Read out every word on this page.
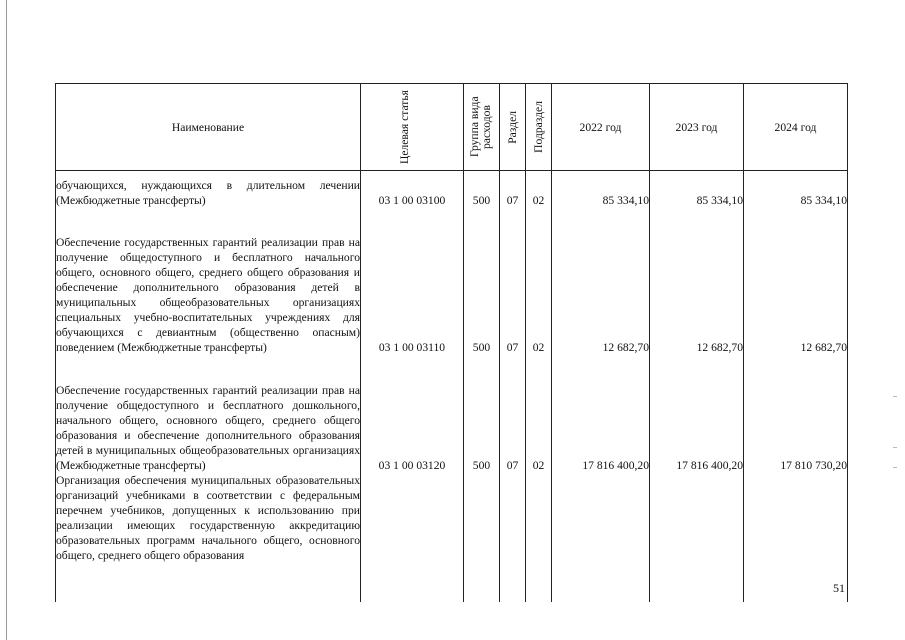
Наименование	Целевая статья	Группа вида расходов	Раздел	Подраздел	2022 год	2023 год	2024 год
обучающихся, нуждающихся в длительном лечении (Межбюджетные трансферты)	03 1 00 03100	500	07	02	85 334,10	85 334,10	85 334,10
Обеспечение государственных гарантий реализации прав на получение общедоступного и бесплатного начального общего, основного общего, среднего общего образования и обеспечение дополнительного образования детей в муниципальных общеобразовательных организациях специальных учебно-воспитательных учреждениях для обучающихся с девиантным (общественно опасным) поведением (Межбюджетные трансферты)	03 1 00 03110	500	07	02	12 682,70	12 682,70	12 682,70
Обеспечение государственных гарантий реализации прав на получение общедоступного и бесплатного дошкольного, начального общего, основного общего, среднего общего образования и обеспечение дополнительного образования детей в муниципальных общеобразовательных организациях (Межбюджетные трансферты)	03 1 00 03120	500	07	02	17 816 400,20	17 816 400,20	17 810 730,20
Организация обеспечения муниципальных образовательных организаций учебниками в соответствии с федеральным перечнем учебников, допущенных к использованию при реализации имеющих государственную аккредитацию образовательных программ начального общего, основного общего, среднего общего образования							
51
